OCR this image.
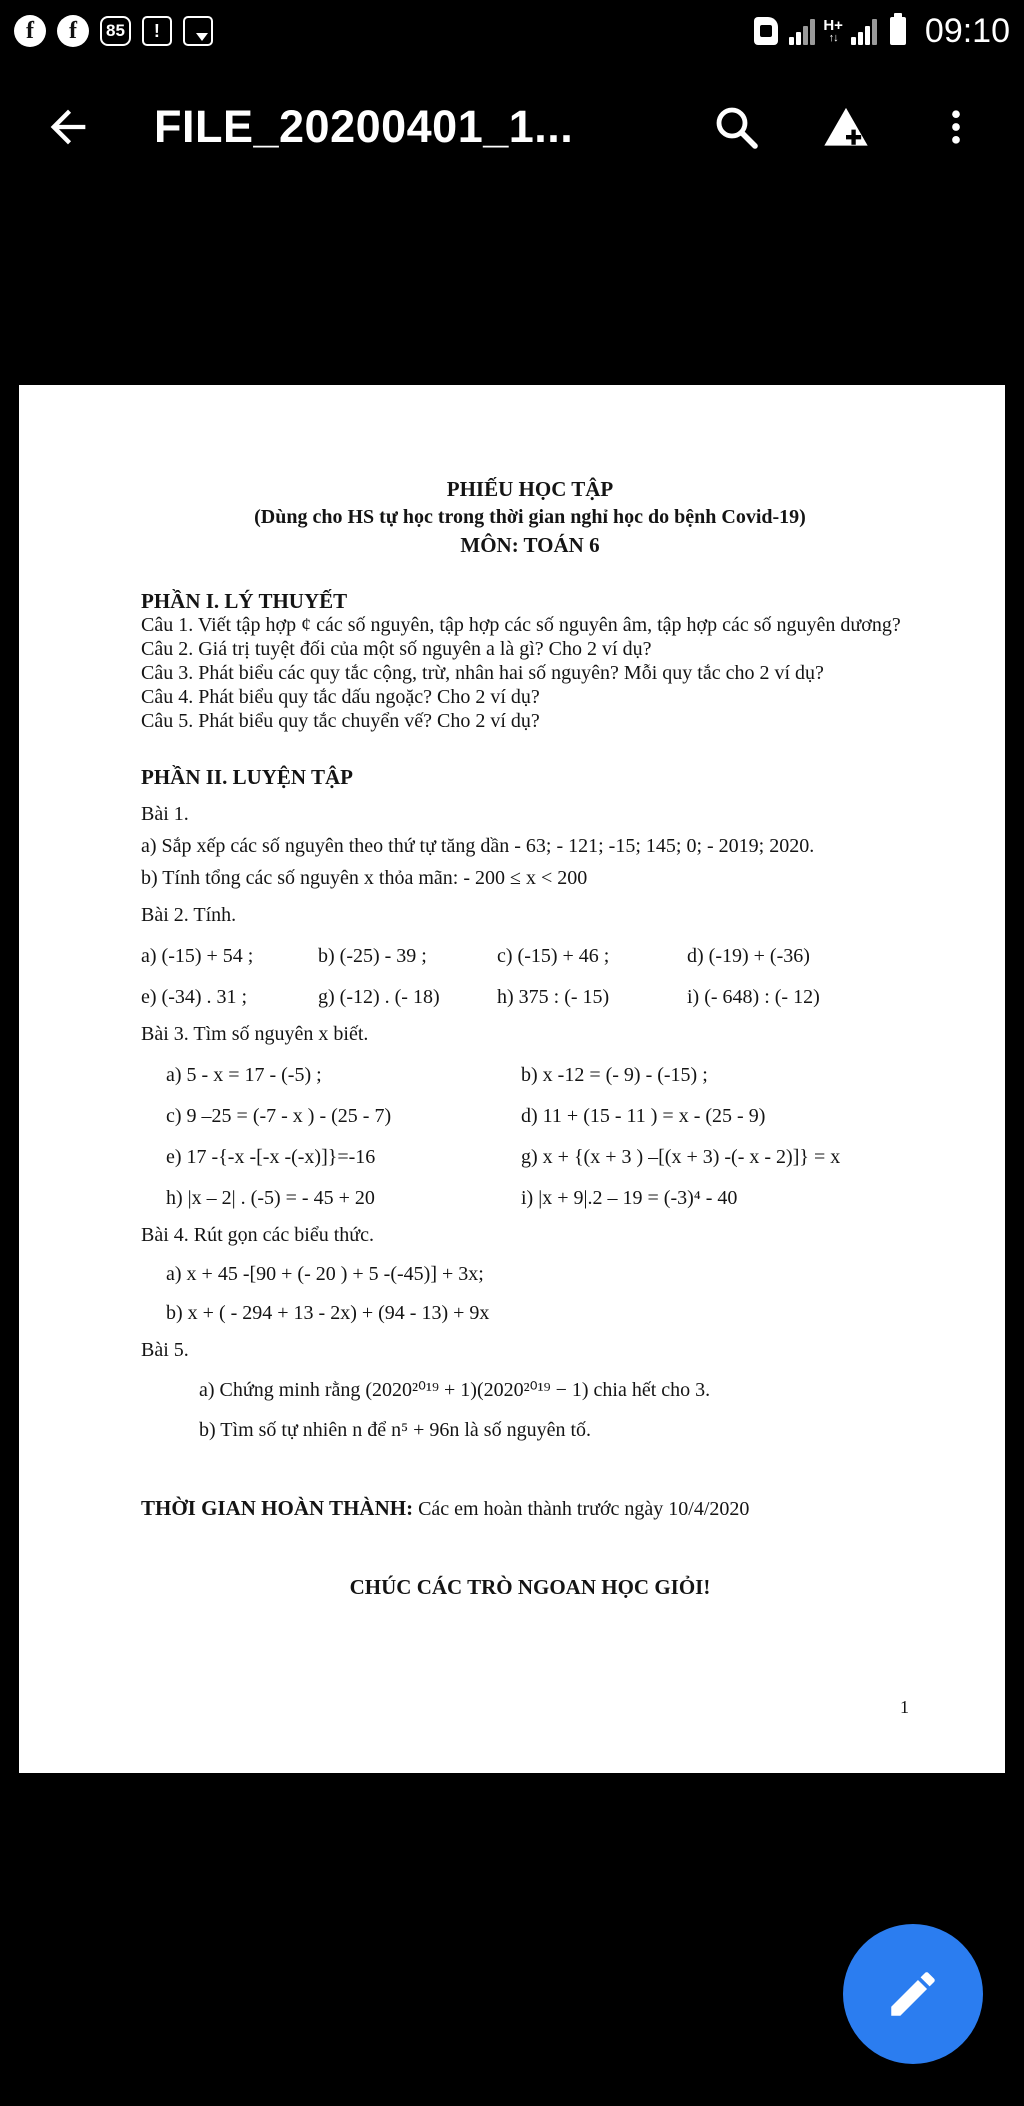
f	f	85	!	H+
↑↓	09:10
FILE_20200401_1...
PHIẾU HỌC TẬP
(Dùng cho HS tự học trong thời gian nghỉ học do bệnh Covid-19)
MÔN: TOÁN 6
PHẦN I. LÝ THUYẾT
Câu 1. Viết tập hợp ¢ các số nguyên, tập hợp các số nguyên âm, tập hợp các số nguyên dương?
Câu 2. Giá trị tuyệt đối của một số nguyên a là gì? Cho 2 ví dụ?
Câu 3. Phát biểu các quy tắc cộng, trừ, nhân hai số nguyên? Mỗi quy tắc cho 2 ví dụ?
Câu 4. Phát biểu quy tắc dấu ngoặc? Cho 2 ví dụ?
Câu 5. Phát biểu quy tắc chuyển vế? Cho 2 ví dụ?
PHẦN II. LUYỆN TẬP
Bài 1.
a) Sắp xếp các số nguyên theo thứ tự tăng dần - 63; - 121; -15; 145; 0; - 2019; 2020.
b) Tính tổng các số nguyên x thỏa mãn: - 200 ≤ x < 200
Bài 2. Tính.
a) (-15) + 54 ;	b) (-25) - 39 ;	c) (-15) + 46 ;	d) (-19) + (-36)
e) (-34) . 31 ;	g) (-12) . (- 18)	h) 375 : (- 15)	i) (- 648) : (- 12)
Bài 3. Tìm số nguyên x biết.
a) 5 - x = 17 - (-5) ;	b) x -12 = (- 9) - (-15) ;
c) 9 –25 = (-7 - x ) - (25 - 7)	d) 11 + (15 - 11 ) = x - (25 - 9)
e) 17 -{-x -[-x -(-x)]}=-16	g) x + {(x + 3 ) –[(x + 3) -(- x - 2)]} = x
h) |x – 2| . (-5) = - 45 + 20	i) |x + 9|.2 – 19 = (-3)⁴ - 40
Bài 4. Rút gọn các biểu thức.
a) x + 45 -[90 + (- 20 ) + 5 -(-45)] + 3x;
b) x + ( - 294 + 13 - 2x) + (94 - 13) + 9x
Bài 5.
a) Chứng minh rằng (2020²⁰¹⁹ + 1)(2020²⁰¹⁹ − 1) chia hết cho 3.
b) Tìm số tự nhiên n để n⁵ + 96n là số nguyên tố.
THỜI GIAN HOÀN THÀNH: Các em hoàn thành trước ngày 10/4/2020
CHÚC CÁC TRÒ NGOAN HỌC GIỎI!
1
